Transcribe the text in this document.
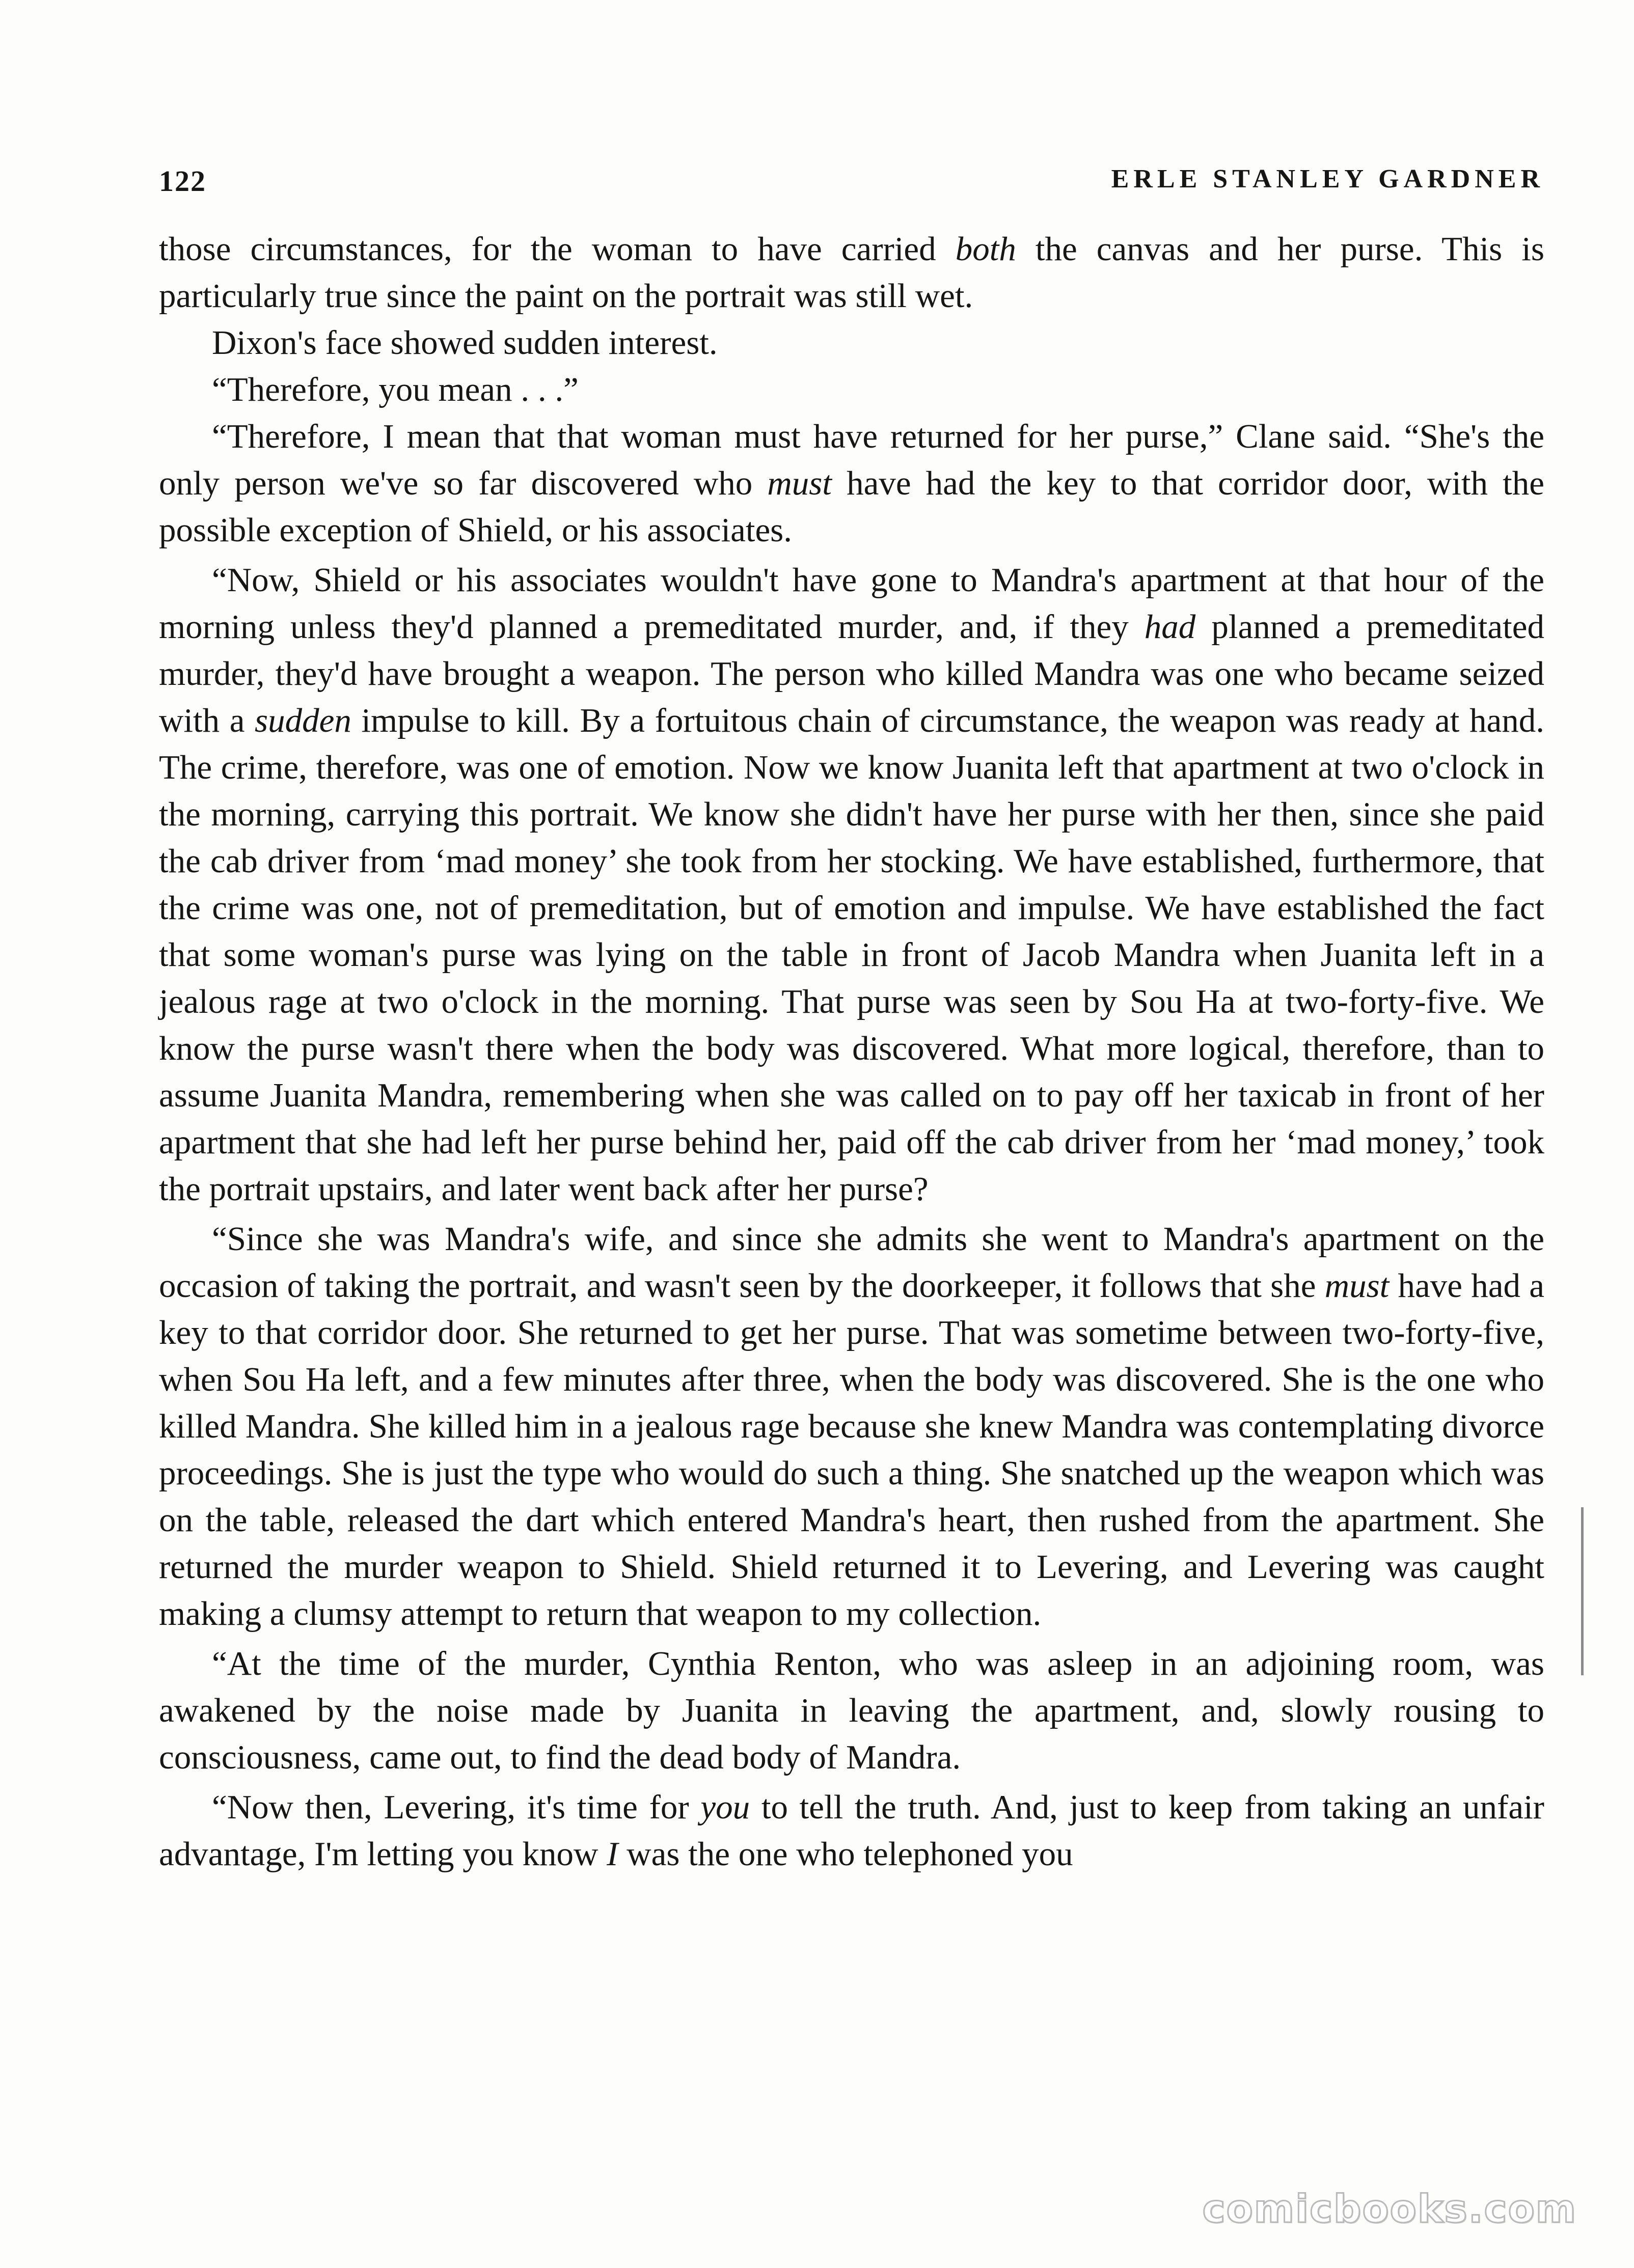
122	ERLE STANLEY GARDNER

those circumstances, for the woman to have carried both the canvas and her purse. This is particularly true since the paint on the portrait was still wet.

Dixon's face showed sudden interest.

“Therefore, you mean . . .”

“Therefore, I mean that that woman must have returned for her purse,” Clane said. “She's the only person we've so far discovered who must have had the key to that corridor door, with the possible exception of Shield, or his associates.

“Now, Shield or his associates wouldn't have gone to Mandra's apartment at that hour of the morning unless they'd planned a premeditated murder, and, if they had planned a premeditated murder, they'd have brought a weapon. The person who killed Mandra was one who became seized with a sudden impulse to kill. By a fortuitous chain of circumstance, the weapon was ready at hand. The crime, therefore, was one of emotion. Now we know Juanita left that apartment at two o'clock in the morning, carrying this portrait. We know she didn't have her purse with her then, since she paid the cab driver from ‘mad money’ she took from her stocking. We have established, furthermore, that the crime was one, not of premeditation, but of emotion and impulse. We have established the fact that some woman's purse was lying on the table in front of Jacob Mandra when Juanita left in a jealous rage at two o'clock in the morning. That purse was seen by Sou Ha at two-forty-five. We know the purse wasn't there when the body was discovered. What more logical, therefore, than to assume Juanita Mandra, remembering when she was called on to pay off her taxicab in front of her apartment that she had left her purse behind her, paid off the cab driver from her ‘mad money,’ took the portrait upstairs, and later went back after her purse?

“Since she was Mandra's wife, and since she admits she went to Mandra's apartment on the occasion of taking the portrait, and wasn't seen by the doorkeeper, it follows that she must have had a key to that corridor door. She returned to get her purse. That was sometime between two-forty-five, when Sou Ha left, and a few minutes after three, when the body was discovered. She is the one who killed Mandra. She killed him in a jealous rage because she knew Mandra was contemplating divorce proceedings. She is just the type who would do such a thing. She snatched up the weapon which was on the table, released the dart which entered Mandra's heart, then rushed from the apartment. She returned the murder weapon to Shield. Shield returned it to Levering, and Levering was caught making a clumsy attempt to return that weapon to my collection.

“At the time of the murder, Cynthia Renton, who was asleep in an adjoining room, was awakened by the noise made by Juanita in leaving the apartment, and, slowly rousing to consciousness, came out, to find the dead body of Mandra.

“Now then, Levering, it's time for you to tell the truth. And, just to keep from taking an unfair advantage, I'm letting you know I was the one who telephoned you

comicbooks.com
